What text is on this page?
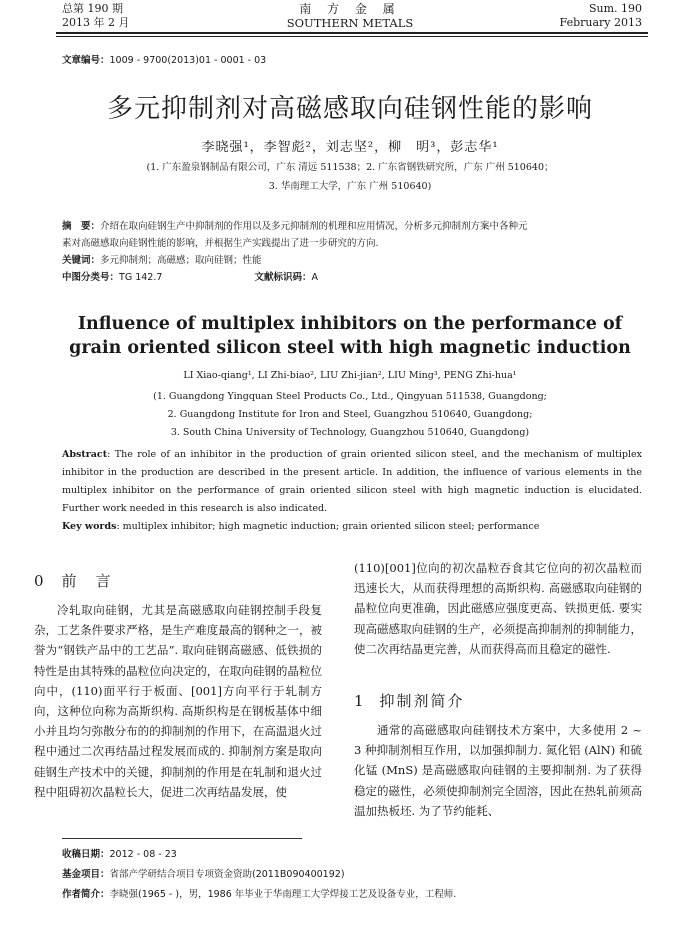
总第 190 期
2013 年 2 月
南 方 金 属
SOUTHERN METALS
Sum. 190
February 2013
文章编号：1009 - 9700(2013)01 - 0001 - 03
多元抑制剂对高磁感取向硅钢性能的影响
李晓强¹，李智彪²，刘志坚²，柳　明³，彭志华¹
(1. 广东盈泉钢制品有限公司，广东 清远 511538；2. 广东省钢铁研究所，广东 广州 510640；
3. 华南理工大学，广东 广州 510640)
摘　要：介绍在取向硅钢生产中抑制剂的作用以及多元抑制剂的机理和应用情况，分析多元抑制剂方案中各种元
素对高磁感取向硅钢性能的影响，并根据生产实践提出了进一步研究的方向.
关键词：多元抑制剂；高磁感；取向硅钢；性能
中图分类号：TG 142.7	文献标识码：A
Influence of multiplex inhibitors on the performance of
grain oriented silicon steel with high magnetic induction
LI Xiao-qiang¹, LI Zhi-biao², LIU Zhi-jian², LIU Ming³, PENG Zhi-hua¹
(1. Guangdong Yingquan Steel Products Co., Ltd., Qingyuan 511538, Guangdong;
2. Guangdong Institute for Iron and Steel, Guangzhou 510640, Guangdong;
3. South China University of Technology, Guangzhou 510640, Guangdong)
Abstract: The role of an inhibitor in the production of grain oriented silicon steel, and the mechanism of multiplex inhibitor in the production are described in the present article. In addition, the influence of various elements in the multiplex inhibitor on the performance of grain oriented silicon steel with high magnetic induction is elucidated. Further work needed in this research is also indicated.
Key words: multiplex inhibitor; high magnetic induction; grain oriented silicon steel; performance
0 前　言
冷轧取向硅钢，尤其是高磁感取向硅钢控制手段复杂，工艺条件要求严格，是生产难度最高的钢种之一，被誉为“钢铁产品中的工艺品”. 取向硅钢高磁感、低铁损的特性是由其特殊的晶粒位向决定的，在取向硅钢的晶粒位向中，(110)面平行于板面、[001]方向平行于轧制方向，这种位向称为高斯织构. 高斯织构是在钢板基体中细小并且均匀弥散分布的的抑制剂的作用下，在高温退火过程中通过二次再结晶过程发展而成的. 抑制剂方案是取向硅钢生产技术中的关键，抑制剂的作用是在轧制和退火过程中阻碍初次晶粒长大，促进二次再结晶发展，使
(110)[001]位向的初次晶粒吞食其它位向的初次晶粒而迅速长大，从而获得理想的高斯织构. 高磁感取向硅钢的晶粒位向更准确，因此磁感应强度更高、铁损更低. 要实现高磁感取向硅钢的生产，必须提高抑制剂的抑制能力，使二次再结晶更完善，从而获得高而且稳定的磁性.
1 抑制剂简介
通常的高磁感取向硅钢技术方案中，大多使用 2 ~ 3 种抑制剂相互作用，以加强抑制力. 氮化铝 (AlN) 和硫化锰 (MnS) 是高磁感取向硅钢的主要抑制剂. 为了获得稳定的磁性，必须使抑制剂完全固溶，因此在热轧前须高温加热板坯. 为了节约能耗、
收稿日期：2012 - 08 - 23
基金项目：省部产学研结合项目专项资金资助(2011B090400192)
作者简介：李晓强(1965 - )，男，1986 年毕业于华南理工大学焊接工艺及设备专业，工程师.
